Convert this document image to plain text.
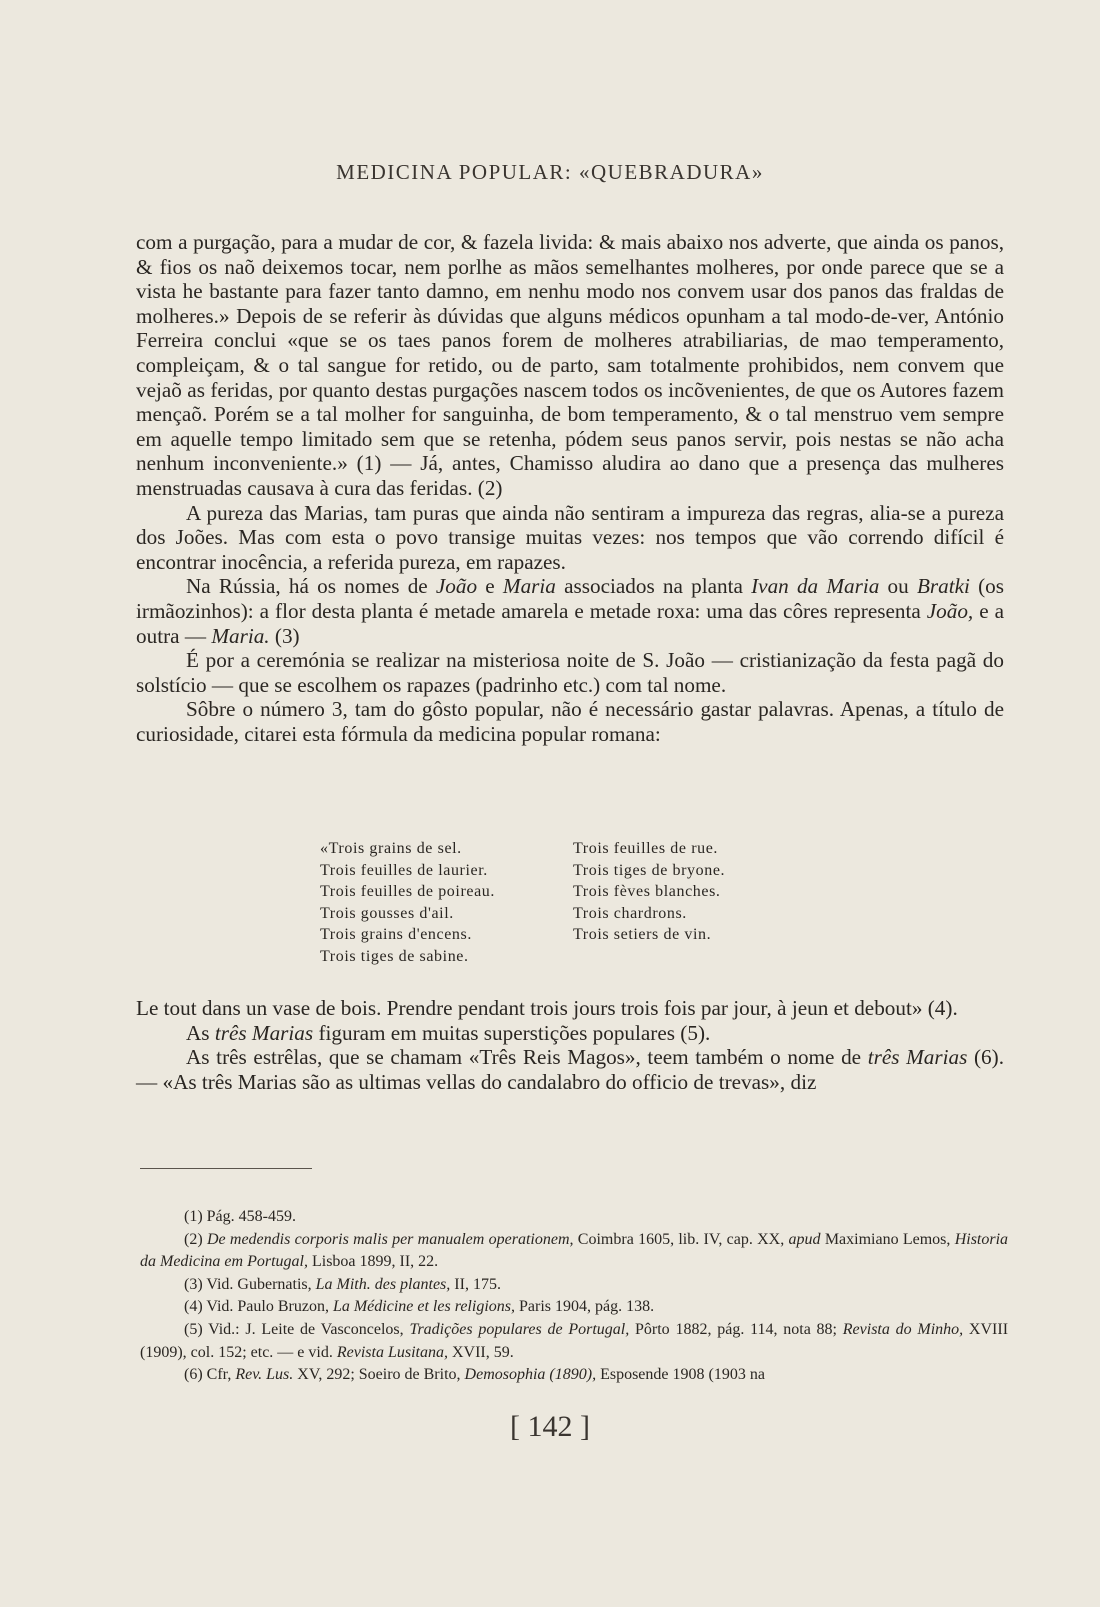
MEDICINA POPULAR: «QUEBRADURA»

com a purgação, para a mudar de cor, & fazela livida: & mais abaixo nos adverte, que ainda os panos, & fios os naõ deixemos tocar, nem porlhe as mãos semelhantes molheres, por onde parece que se a vista he bastante para fazer tanto damno, em nenhu modo nos convem usar dos panos das fraldas de molheres.» Depois de se referir às dúvidas que alguns médicos opunham a tal modo-de-ver, António Ferreira conclui «que se os taes panos forem de molheres atrabiliarias, de mao temperamento, compleiçam, & o tal sangue for retido, ou de parto, sam totalmente prohibidos, nem convem que vejaõ as feridas, por quanto destas purgações nascem todos os incõvenientes, de que os Autores fazem mençaõ. Porém se a tal molher for sanguinha, de bom temperamento, & o tal menstruo vem sempre em aquelle tempo limitado sem que se retenha, pódem seus panos servir, pois nestas se não acha nenhum inconveniente.» (1) — Já, antes, Chamisso aludira ao dano que a presença das mulheres menstruadas causava à cura das feridas. (2)

A pureza das Marias, tam puras que ainda não sentiram a impureza das regras, alia-se a pureza dos Joões. Mas com esta o povo transige muitas vezes: nos tempos que vão correndo difícil é encontrar inocência, a referida pureza, em rapazes.

Na Rússia, há os nomes de João e Maria associados na planta Ivan da Maria ou Bratki (os irmãozinhos): a flor desta planta é metade amarela e metade roxa: uma das côres representa João, e a outra — Maria. (3)

É por a ceremónia se realizar na misteriosa noite de S. João — cristianização da festa pagã do solstício — que se escolhem os rapazes (padrinho etc.) com tal nome.

Sôbre o número 3, tam do gôsto popular, não é necessário gastar palavras. Apenas, a título de curiosidade, citarei esta fórmula da medicina popular romana:

«Trois grains de sel.
Trois feuilles de laurier.
Trois feuilles de poireau.
Trois gousses d'ail.
Trois grains d'encens.
Trois tiges de sabine.
Trois feuilles de rue.
Trois tiges de bryone.
Trois fèves blanches.
Trois chardrons.
Trois setiers de vin.

Le tout dans un vase de bois. Prendre pendant trois jours trois fois par jour, à jeun et debout» (4).

As três Marias figuram em muitas superstições populares (5).

As três estrêlas, que se chamam «Três Reis Magos», teem também o nome de três Marias (6). — «As três Marias são as ultimas vellas do candalabro do officio de trevas», diz

(1) Pág. 458-459.

(2) De medendis corporis malis per manualem operationem, Coimbra 1605, lib. IV, cap. XX, apud Maximiano Lemos, Historia da Medicina em Portugal, Lisboa 1899, II, 22.

(3) Vid. Gubernatis, La Mith. des plantes, II, 175.

(4) Vid. Paulo Bruzon, La Médicine et les religions, Paris 1904, pág. 138.

(5) Vid.: J. Leite de Vasconcelos, Tradições populares de Portugal, Pôrto 1882, pág. 114, nota 88; Revista do Minho, XVIII (1909), col. 152; etc. — e vid. Revista Lusitana, XVII, 59.

(6) Cfr, Rev. Lus. XV, 292; Soeiro de Brito, Demosophia (1890), Esposende 1908 (1903 na

[ 142 ]
